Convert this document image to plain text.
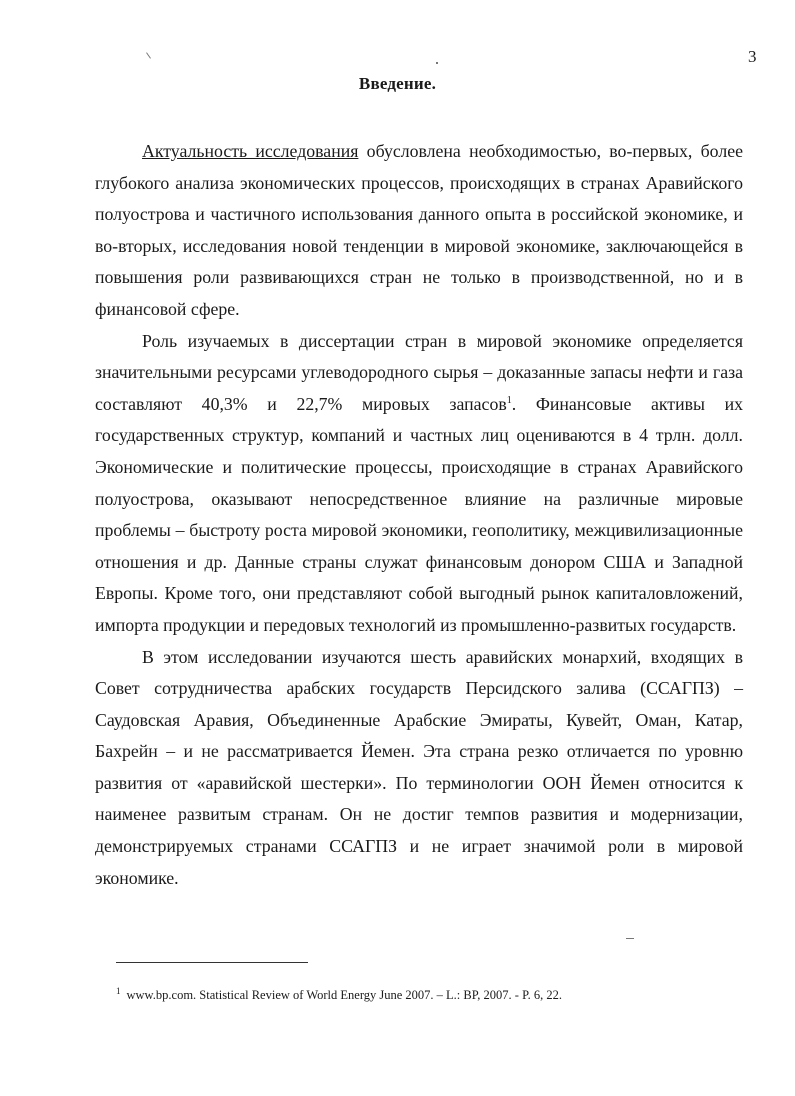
3
Введение.

Актуальность исследования обусловлена необходимостью, во-первых, более глубокого анализа экономических процессов, происходящих в странах Аравийского полуострова и частичного использования данного опыта в российской экономике, и во-вторых, исследования новой тенденции в мировой экономике, заключающейся в повышения роли развивающихся стран не только в производственной, но и в финансовой сфере.

Роль изучаемых в диссертации стран в мировой экономике определяется значительными ресурсами углеводородного сырья – доказанные запасы нефти и газа составляют 40,3% и 22,7% мировых запасов$^1$. Финансовые активы их государственных структур, компаний и частных лиц оцениваются в 4 трлн. долл. Экономические и политические процессы, происходящие в странах Аравийского полуострова, оказывают непосредственное влияние на различные мировые проблемы – быстроту роста мировой экономики, геополитику, межцивилизационные отношения и др. Данные страны служат финансовым донором США и Западной Европы. Кроме того, они представляют собой выгодный рынок капиталовложений, импорта продукции и передовых технологий из промышленно-развитых государств.

В этом исследовании изучаются шесть аравийских монархий, входящих в Совет сотрудничества арабских государств Персидского залива (ССАГПЗ) – Саудовская Аравия, Объединенные Арабские Эмираты, Кувейт, Оман, Катар, Бахрейн – и не рассматривается Йемен. Эта страна резко отличается по уровню развития от «аравийской шестерки». По терминологии ООН Йемен относится к наименее развитым странам. Он не достиг темпов развития и модернизации, демонстрируемых странами ССАГПЗ и не играет значимой роли в мировой экономике.

$^1$ www.bp.com. Statistical Review of World Energy June 2007. – L.: BP, 2007. - P. 6, 22.
